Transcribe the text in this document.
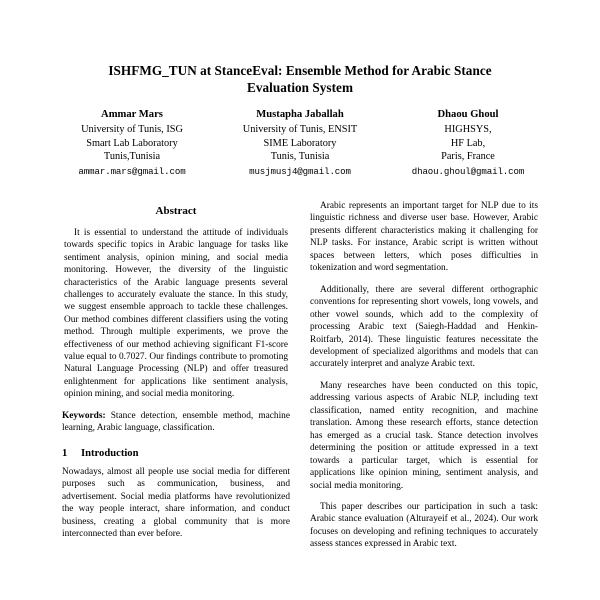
ISHFMG_TUN at StanceEval: Ensemble Method for Arabic Stance Evaluation System
Ammar Mars
University of Tunis, ISG
Smart Lab Laboratory
Tunis,Tunisia
ammar.mars@gmail.com
Mustapha Jaballah
University of Tunis, ENSIT
SIME Laboratory
Tunis, Tunisia
musjmusj4@gmail.com
Dhaou Ghoul
HIGHSYS,
HF Lab,
Paris, France
dhaou.ghoul@gmail.com
Abstract

It is essential to understand the attitude of individuals towards specific topics in Arabic language for tasks like sentiment analysis, opinion mining, and social media monitoring. However, the diversity of the linguistic characteristics of the Arabic language presents several challenges to accurately evaluate the stance. In this study, we suggest ensemble approach to tackle these challenges. Our method combines different classifiers using the voting method. Through multiple experiments, we prove the effectiveness of our method achieving significant F1-score value equal to 0.7027. Our findings contribute to promoting Natural Language Processing (NLP) and offer treasured enlightenment for applications like sentiment analysis, opinion mining, and social media monitoring.

Keywords: Stance detection, ensemble method, machine learning, Arabic language, classification.

1 Introduction

Nowadays, almost all people use social media for different purposes such as communication, business, and advertisement. Social media platforms have revolutionized the way people interact, share information, and conduct business, creating a global community that is more interconnected than ever before.

Arabic represents an important target for NLP due to its linguistic richness and diverse user base. However, Arabic presents different characteristics making it challenging for NLP tasks. For instance, Arabic script is written without spaces between letters, which poses difficulties in tokenization and word segmentation.

Additionally, there are several different orthographic conventions for representing short vowels, long vowels, and other vowel sounds, which add to the complexity of processing Arabic text (Saiegh-Haddad and Henkin-Roitfarb, 2014). These linguistic features necessitate the development of specialized algorithms and models that can accurately interpret and analyze Arabic text.

Many researches have been conducted on this topic, addressing various aspects of Arabic NLP, including text classification, named entity recognition, and machine translation. Among these research efforts, stance detection has emerged as a crucial task. Stance detection involves determining the position or attitude expressed in a text towards a particular target, which is essential for applications like opinion mining, sentiment analysis, and social media monitoring.

This paper describes our participation in such a task: Arabic stance evaluation (Alturayeif et al., 2024). Our work focuses on developing and refining techniques to accurately assess stances expressed in Arabic text.
